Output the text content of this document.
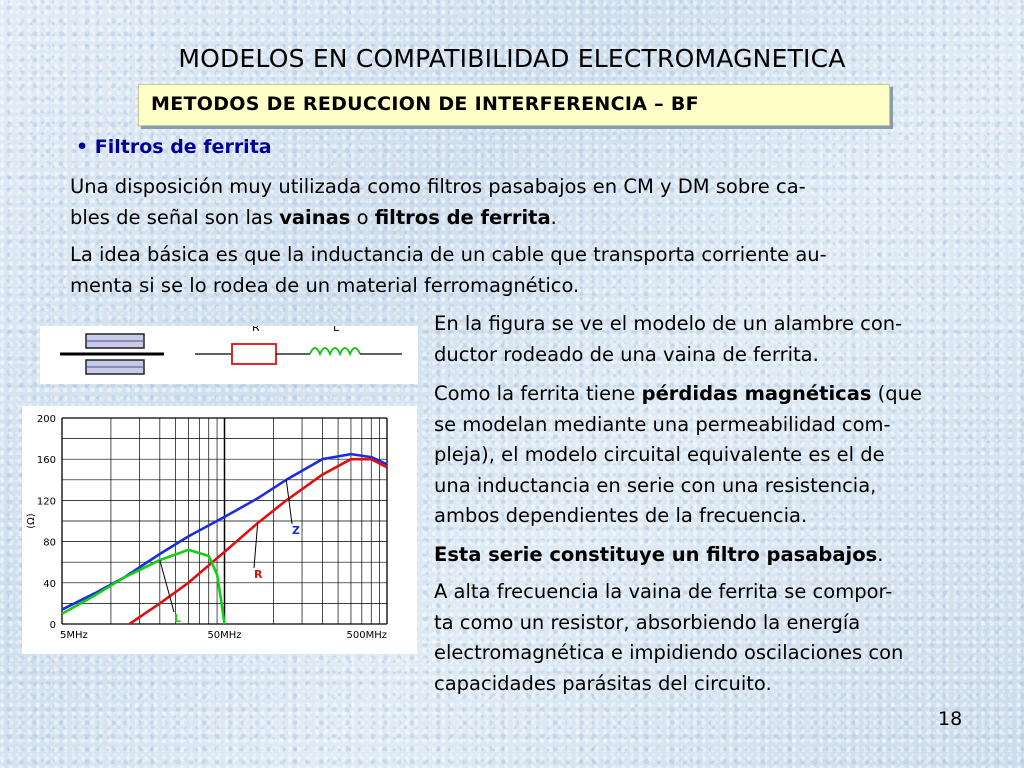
MODELOS EN COMPATIBILIDAD ELECTROMAGNETICA
METODOS DE REDUCCION DE INTERFERENCIA – BF
• Filtros de ferrita
Una disposición muy utilizada como filtros pasabajos en CM y DM sobre ca-
bles de señal son las vainas o filtros de ferrita.
La idea básica es que la inductancia de un cable que transporta corriente au-
menta si se lo rodea de un material ferromagnético.
R	L
0
40
80
120
160
200
(Ω)
5MHz	50MHz	500MHz
Z
R
L
En la figura se ve el modelo de un alambre con-
ductor rodeado de una vaina de ferrita.
Como la ferrita tiene pérdidas magnéticas (que
se modelan mediante una permeabilidad com-
pleja), el modelo circuital equivalente es el de
una inductancia en serie con una resistencia,
ambos dependientes de la frecuencia.
Esta serie constituye un filtro pasabajos.
A alta frecuencia la vaina de ferrita se compor-
ta como un resistor, absorbiendo la energía
electromagnética e impidiendo oscilaciones con
capacidades parásitas del circuito.
18
